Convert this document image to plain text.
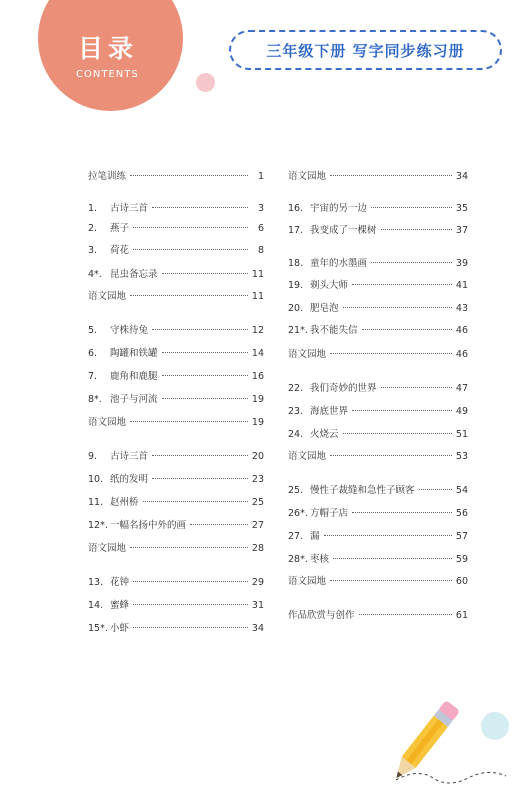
目录
CONTENTS
三年级下册 写字同步练习册
拉笔训练	1
1.	古诗三首	3
2.	燕子	6
3.	荷花	8
4*. 昆虫备忘录	11
语文园地	11
5.	守株待兔	12
6.	陶罐和铁罐	14
7.	鹿角和鹿腿	16
8*. 池子与河流	19
语文园地	19
9.	古诗三首	20
10. 纸的发明	23
11. 赵州桥	25
12*. 一幅名扬中外的画	27
语文园地	28
13. 花钟	29
14. 蜜蜂	31
15*. 小虾	34
语文园地	34
16. 宇宙的另一边	35
17. 我变成了一棵树	37
18. 童年的水墨画	39
19. 剃头大师	41
20. 肥皂泡	43
21*. 我不能失信	46
语文园地	46
22. 我们奇妙的世界	47
23. 海底世界	49
24. 火烧云	51
语文园地	53
25. 慢性子裁缝和急性子顾客	54
26*. 方帽子店	56
27. 漏	57
28*. 枣核	59
语文园地	60
作品欣赏与创作	61
